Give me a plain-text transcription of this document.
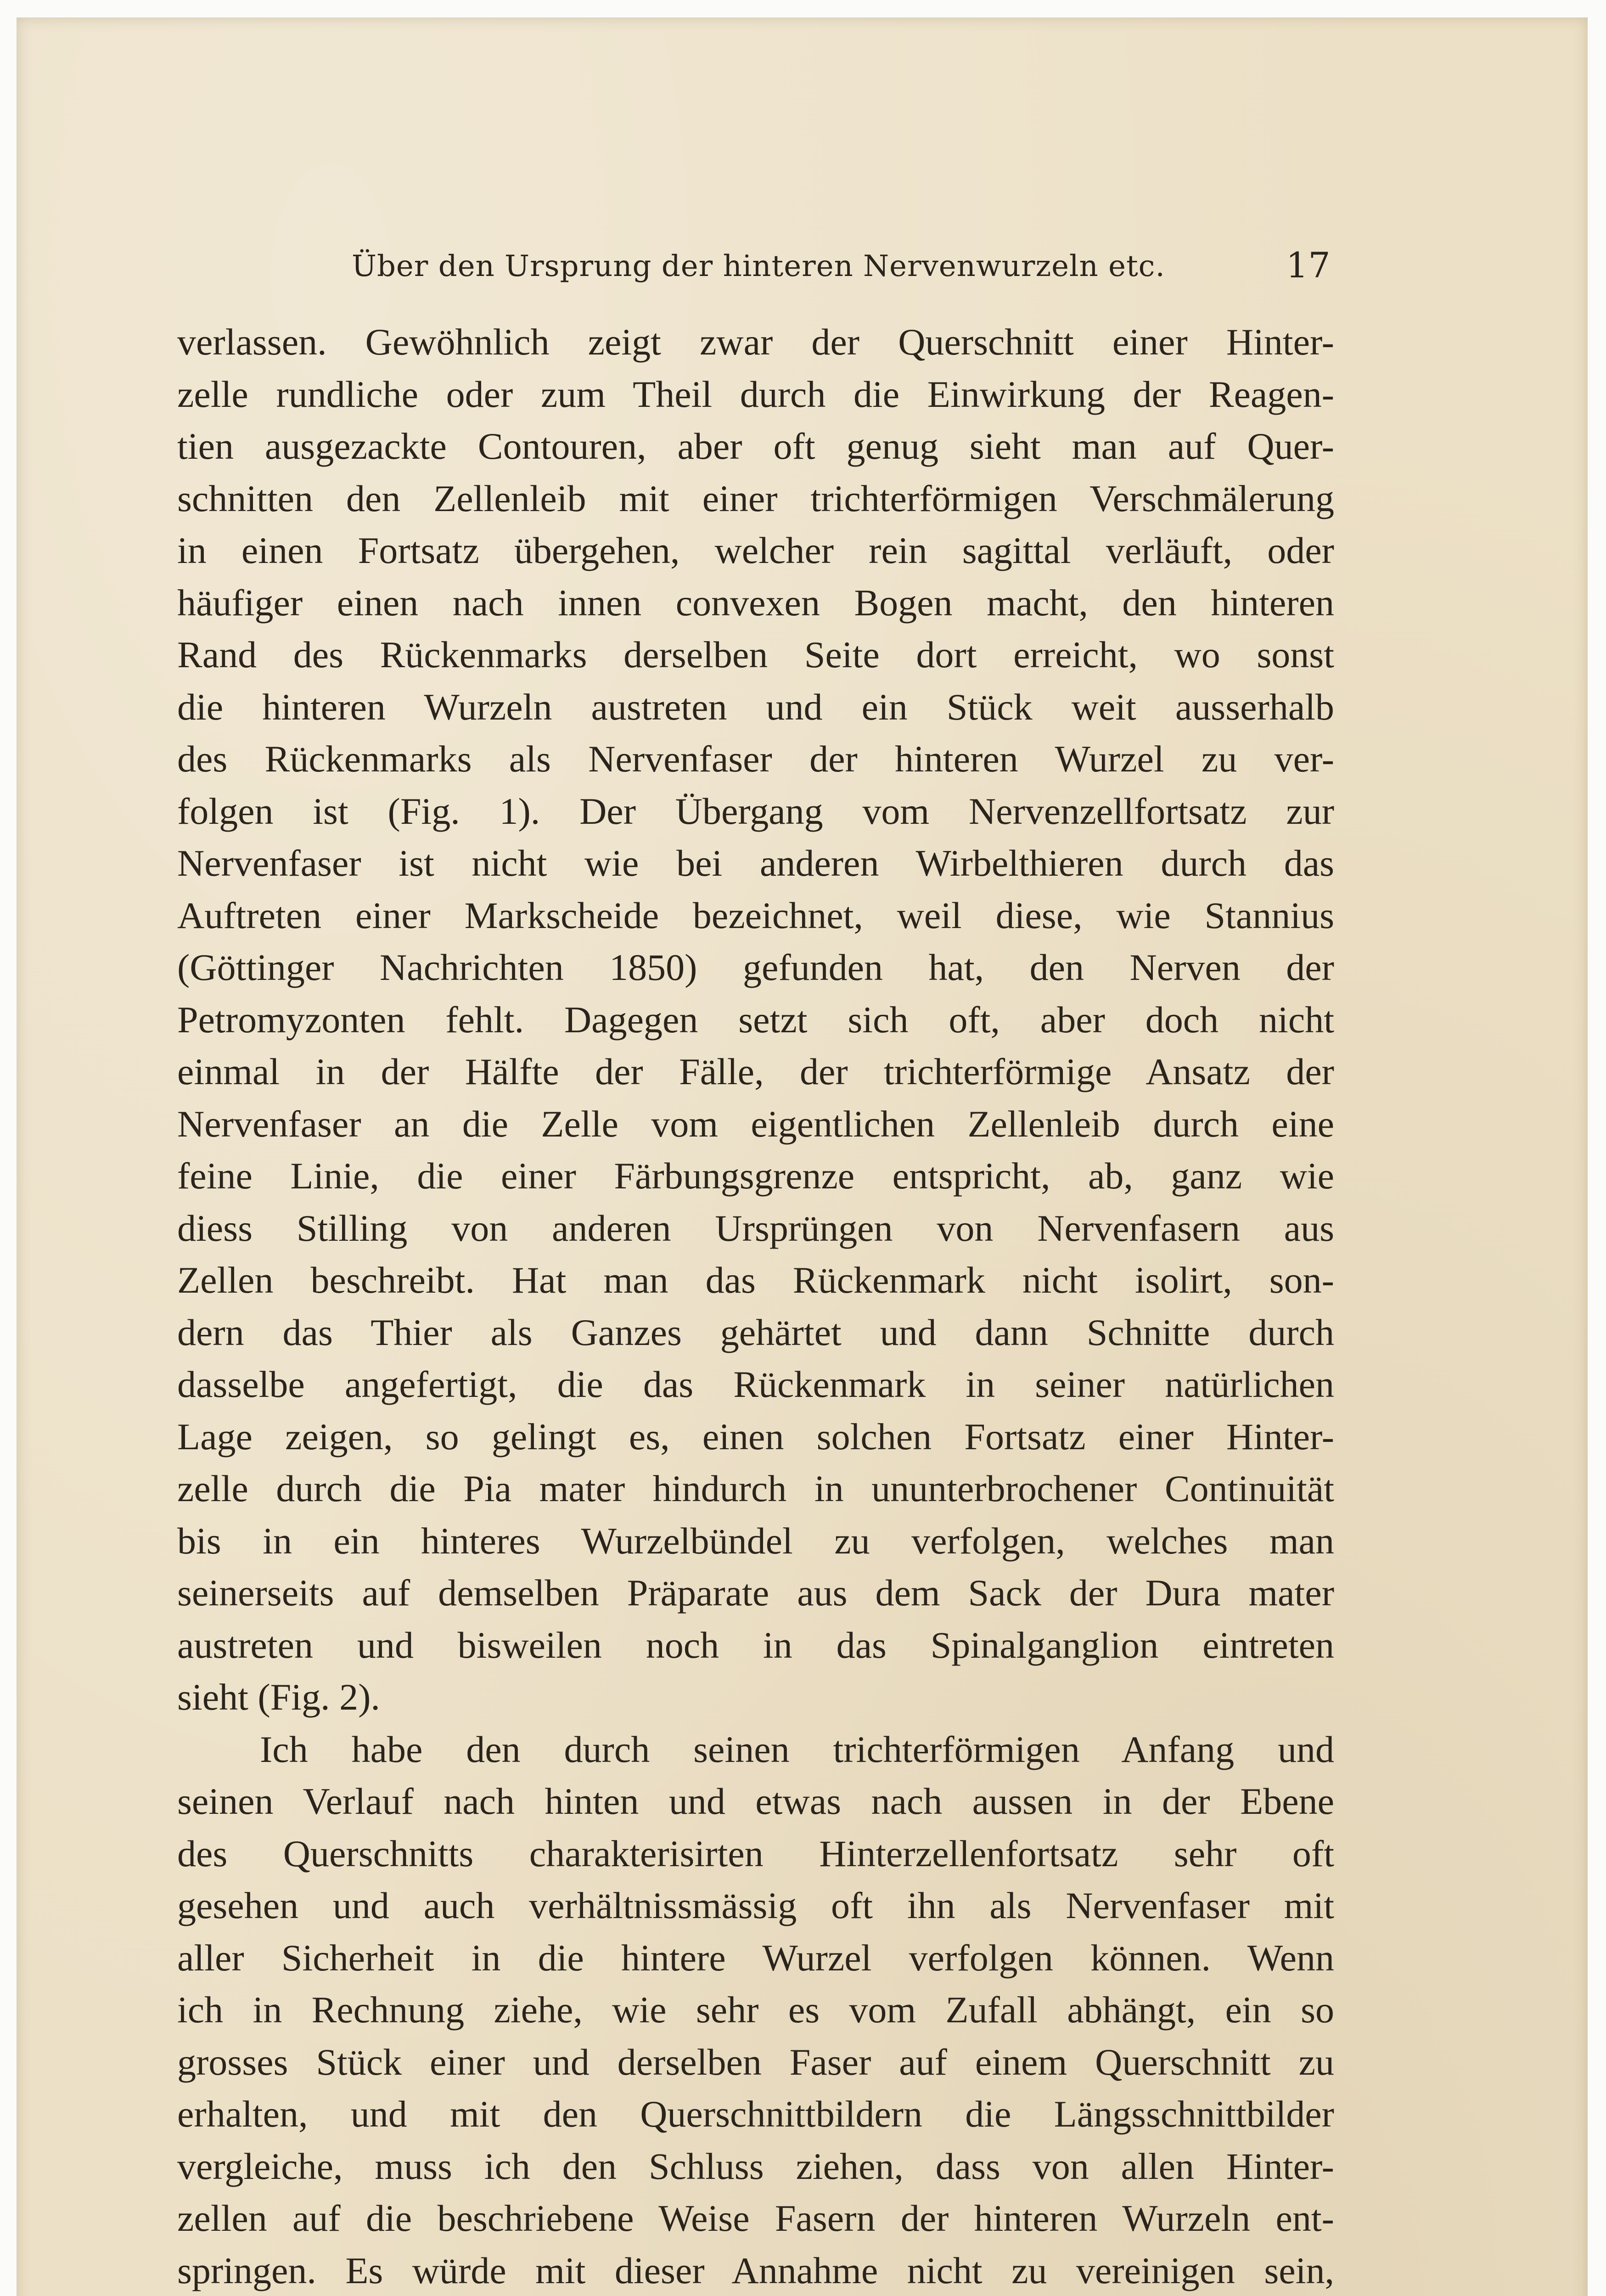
Über den Ursprung der hinteren Nervenwurzeln etc.	17
verlassen. Gewöhnlich zeigt zwar der Querschnitt einer Hinter-
zelle rundliche oder zum Theil durch die Einwirkung der Reagen-
tien ausgezackte Contouren, aber oft genug sieht man auf Quer-
schnitten den Zellenleib mit einer trichterförmigen Verschmälerung
in einen Fortsatz übergehen, welcher rein sagittal verläuft, oder
häufiger einen nach innen convexen Bogen macht, den hinteren
Rand des Rückenmarks derselben Seite dort erreicht, wo sonst
die hinteren Wurzeln austreten und ein Stück weit ausserhalb
des Rückenmarks als Nervenfaser der hinteren Wurzel zu ver-
folgen ist (Fig. 1). Der Übergang vom Nervenzellfortsatz zur
Nervenfaser ist nicht wie bei anderen Wirbelthieren durch das
Auftreten einer Markscheide bezeichnet, weil diese, wie Stannius
(Göttinger Nachrichten 1850) gefunden hat, den Nerven der
Petromyzonten fehlt. Dagegen setzt sich oft, aber doch nicht
einmal in der Hälfte der Fälle, der trichterförmige Ansatz der
Nervenfaser an die Zelle vom eigentlichen Zellenleib durch eine
feine Linie, die einer Färbungsgrenze entspricht, ab, ganz wie
diess Stilling von anderen Ursprüngen von Nervenfasern aus
Zellen beschreibt. Hat man das Rückenmark nicht isolirt, son-
dern das Thier als Ganzes gehärtet und dann Schnitte durch
dasselbe angefertigt, die das Rückenmark in seiner natürlichen
Lage zeigen, so gelingt es, einen solchen Fortsatz einer Hinter-
zelle durch die Pia mater hindurch in ununterbrochener Continuität
bis in ein hinteres Wurzelbündel zu verfolgen, welches man
seinerseits auf demselben Präparate aus dem Sack der Dura mater
austreten und bisweilen noch in das Spinalganglion eintreten
sieht (Fig. 2).
Ich habe den durch seinen trichterförmigen Anfang und
seinen Verlauf nach hinten und etwas nach aussen in der Ebene
des Querschnitts charakterisirten Hinterzellenfortsatz sehr oft
gesehen und auch verhältnissmässig oft ihn als Nervenfaser mit
aller Sicherheit in die hintere Wurzel verfolgen können. Wenn
ich in Rechnung ziehe, wie sehr es vom Zufall abhängt, ein so
grosses Stück einer und derselben Faser auf einem Querschnitt zu
erhalten, und mit den Querschnittbildern die Längsschnittbilder
vergleiche, muss ich den Schluss ziehen, dass von allen Hinter-
zellen auf die beschriebene Weise Fasern der hinteren Wurzeln ent-
springen. Es würde mit dieser Annahme nicht zu vereinigen sein,
